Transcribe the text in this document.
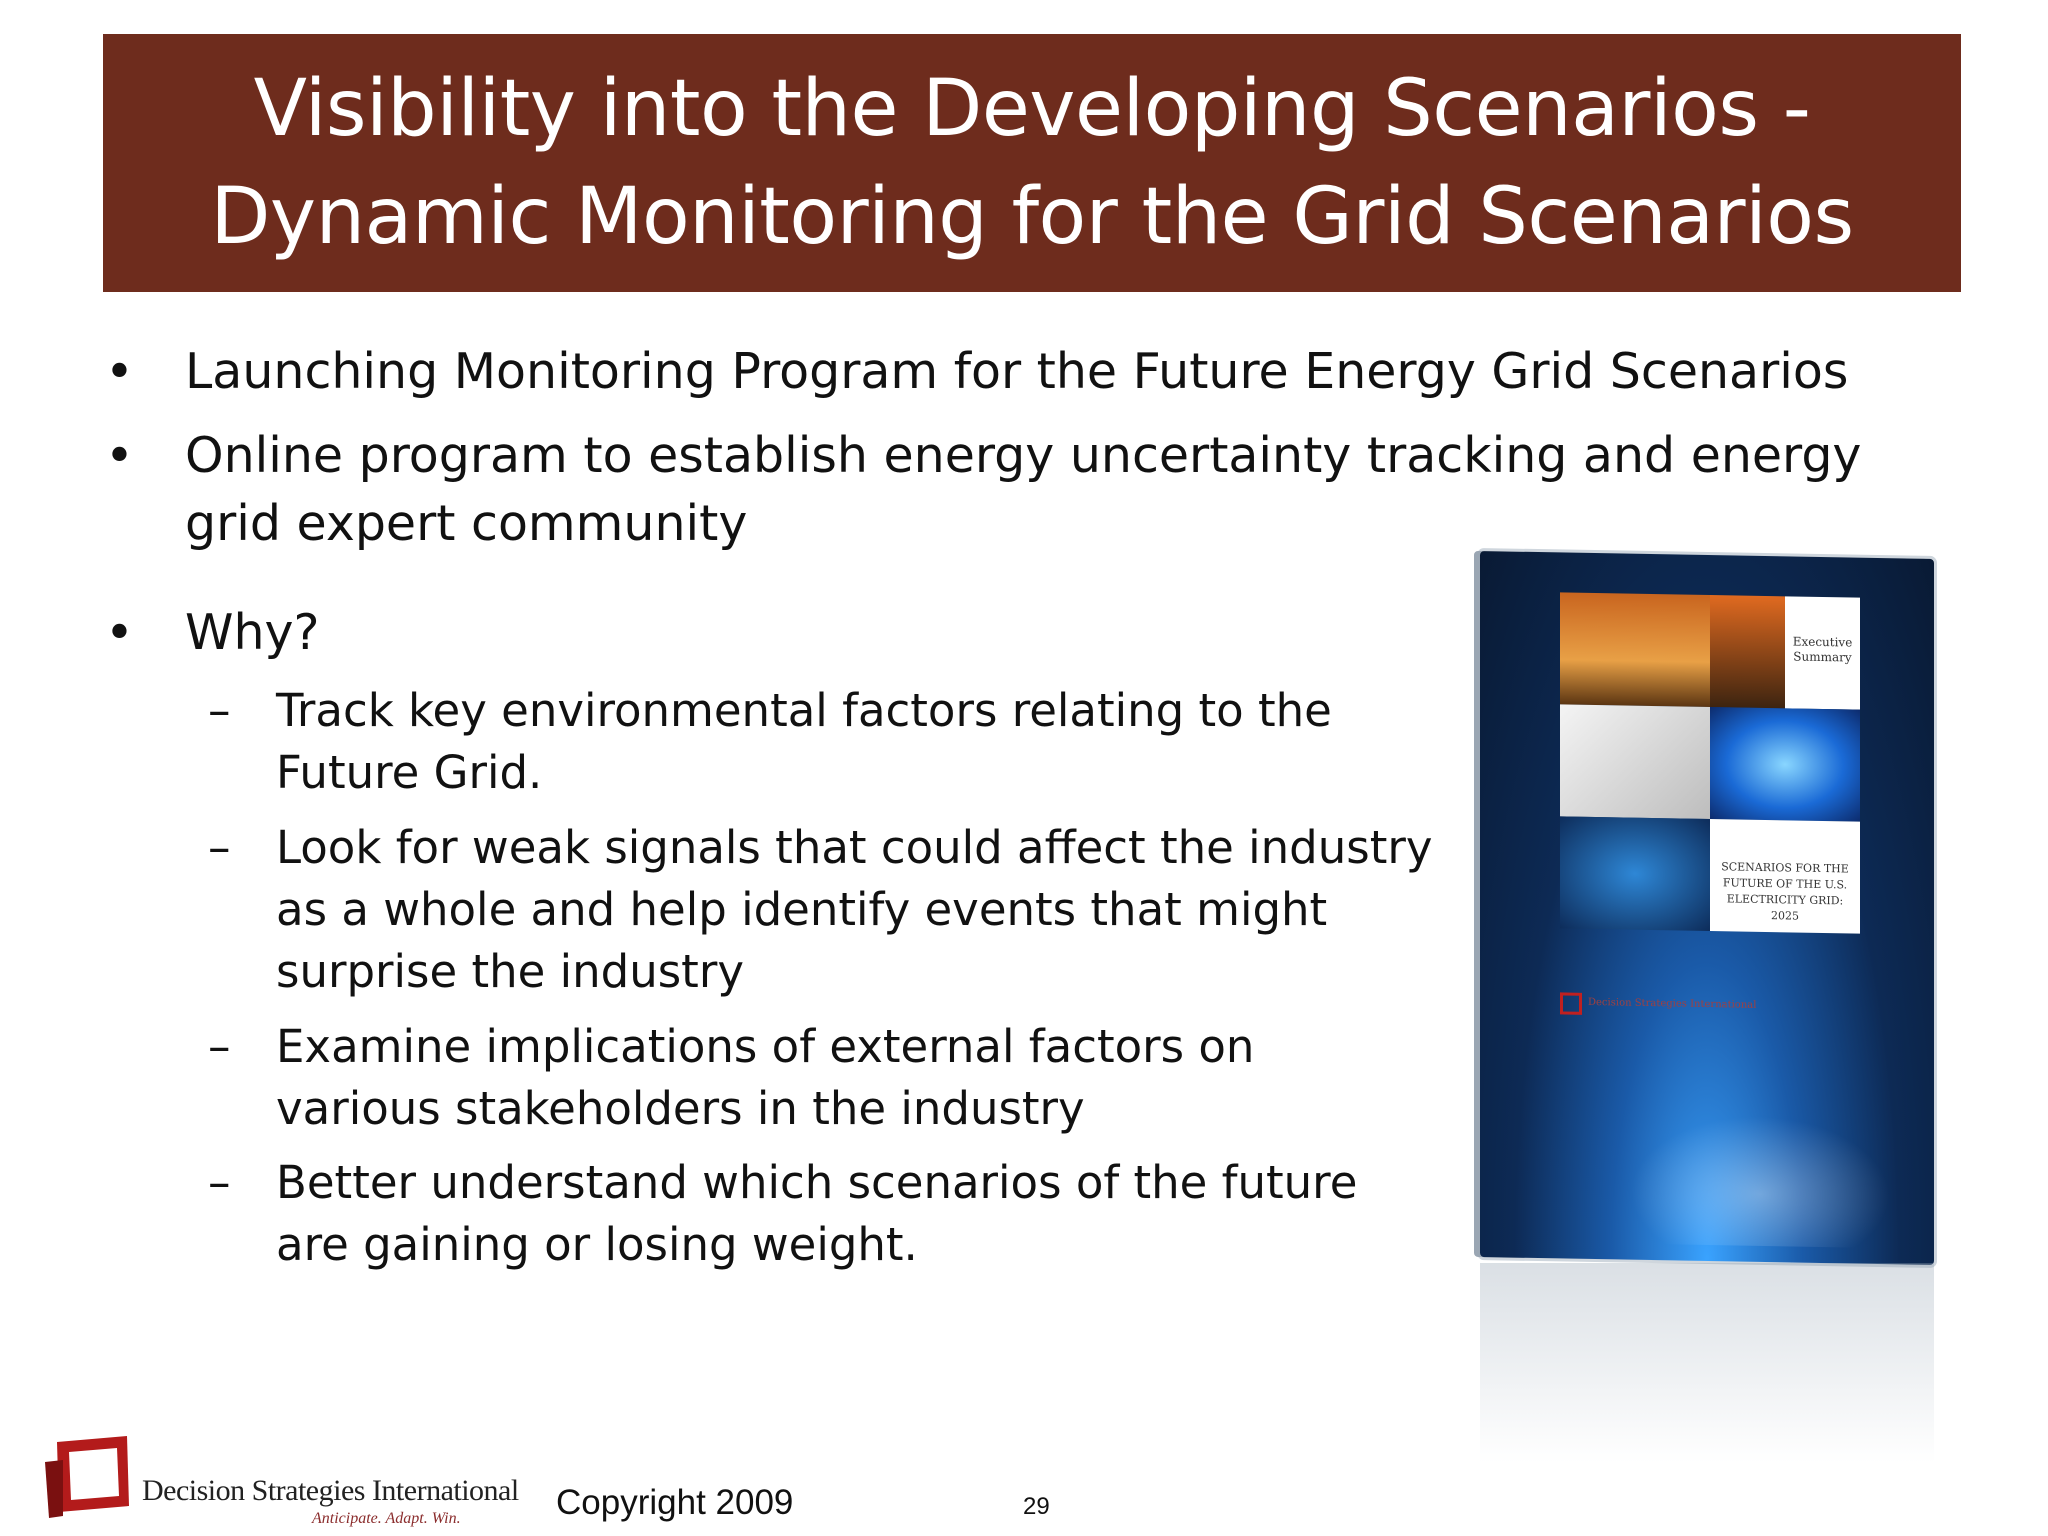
Visibility into the Developing Scenarios -
Dynamic Monitoring for the Grid Scenarios
• Launching Monitoring Program for the Future Energy Grid Scenarios
• Online program to establish energy uncertainty tracking and energy grid expert community
• Why?
– Track key environmental factors relating to the Future Grid.
– Look for weak signals that could affect the industry as a whole and help identify events that might surprise the industry
– Examine implications of external factors on various stakeholders in the industry
– Better understand which scenarios of the future are gaining or losing weight.
Executive Summary
SCENARIOS FOR THE FUTURE OF THE U.S. ELECTRICITY GRID: 2025
Decision Strategies International
Decision Strategies International
Anticipate. Adapt. Win.	Copyright 2009	29
